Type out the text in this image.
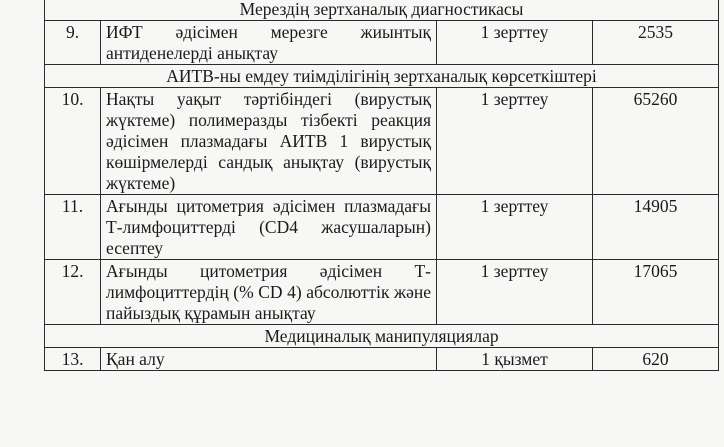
Мерездің зертханалық диагностикасы			
9.	ИФТ әдісімен мерезге жиынтық антиденелерді анықтау	1 зерттеу	2535
АИТВ-ны емдеу тиімділігінің зертханалық көрсеткіштері			
10.	Нақты уақыт тәртібіндегі (вирустық жүктеме) полимеразды тізбекті реакция әдісімен плазмадағы АИТВ 1 вирустық көшірмелерді сандық анықтау (вирустық жүктеме)	1 зерттеу	65260
11.	Ағынды цитометрия әдісімен плазмадағы Т-лимфоциттерді (CD4 жасушаларын) есептеу	1 зерттеу	14905
12.	Ағынды цитометрия әдісімен Т-лимфоциттердің (% CD 4) абсолюттік және пайыздық құрамын анықтау	1 зерттеу	17065
Медициналық манипуляциялар			
13.	Қан алу	1 қызмет	620
